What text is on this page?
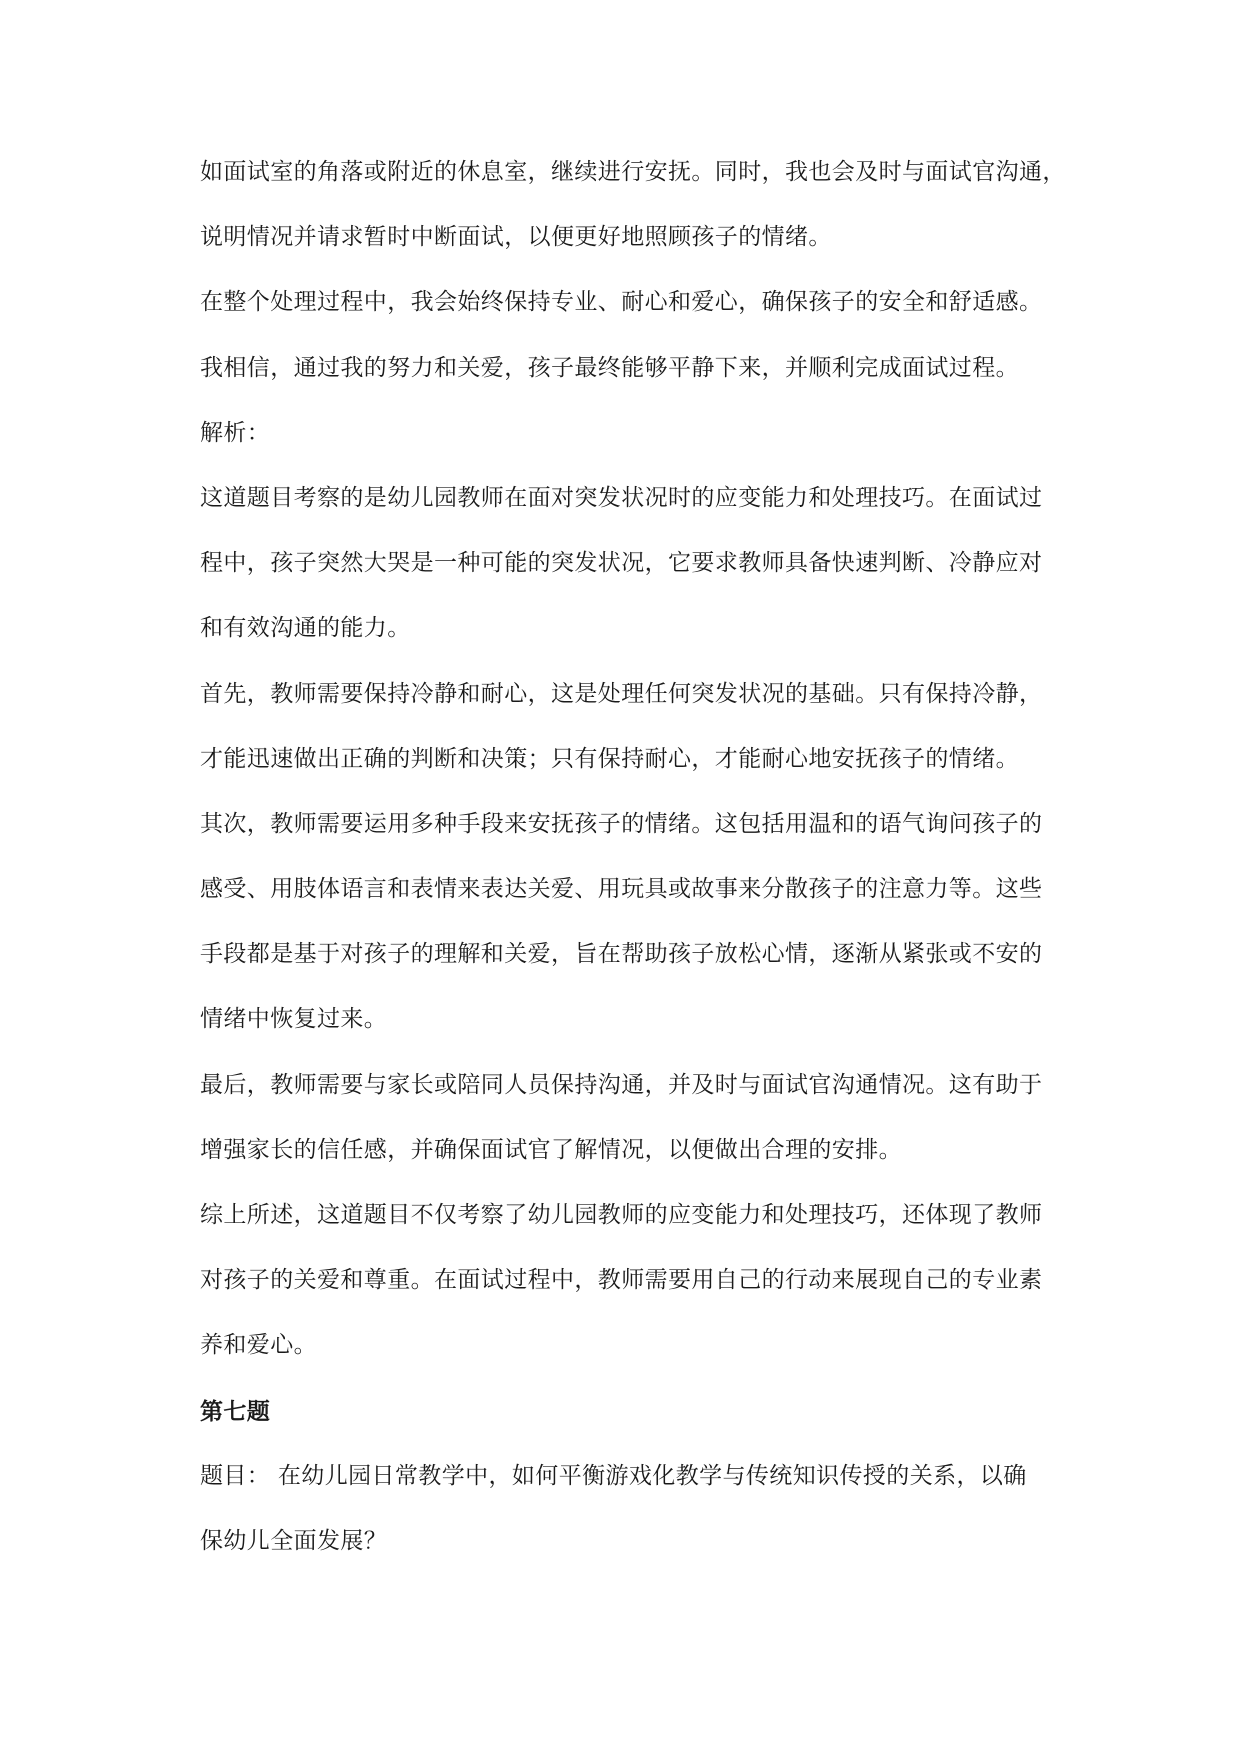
如面试室的角落或附近的休息室，继续进行安抚。同时，我也会及时与面试官沟通，
说明情况并请求暂时中断面试，以便更好地照顾孩子的情绪。
在整个处理过程中，我会始终保持专业、耐心和爱心，确保孩子的安全和舒适感。
我相信，通过我的努力和关爱，孩子最终能够平静下来，并顺利完成面试过程。
解析：
这道题目考察的是幼儿园教师在面对突发状况时的应变能力和处理技巧。在面试过
程中，孩子突然大哭是一种可能的突发状况，它要求教师具备快速判断、冷静应对
和有效沟通的能力。
首先，教师需要保持冷静和耐心，这是处理任何突发状况的基础。只有保持冷静，
才能迅速做出正确的判断和决策；只有保持耐心，才能耐心地安抚孩子的情绪。
其次，教师需要运用多种手段来安抚孩子的情绪。这包括用温和的语气询问孩子的
感受、用肢体语言和表情来表达关爱、用玩具或故事来分散孩子的注意力等。这些
手段都是基于对孩子的理解和关爱，旨在帮助孩子放松心情，逐渐从紧张或不安的
情绪中恢复过来。
最后，教师需要与家长或陪同人员保持沟通，并及时与面试官沟通情况。这有助于
增强家长的信任感，并确保面试官了解情况，以便做出合理的安排。
综上所述，这道题目不仅考察了幼儿园教师的应变能力和处理技巧，还体现了教师
对孩子的关爱和尊重。在面试过程中，教师需要用自己的行动来展现自己的专业素
养和爱心。
第七题
题目： 在幼儿园日常教学中，如何平衡游戏化教学与传统知识传授的关系，以确
保幼儿全面发展？
